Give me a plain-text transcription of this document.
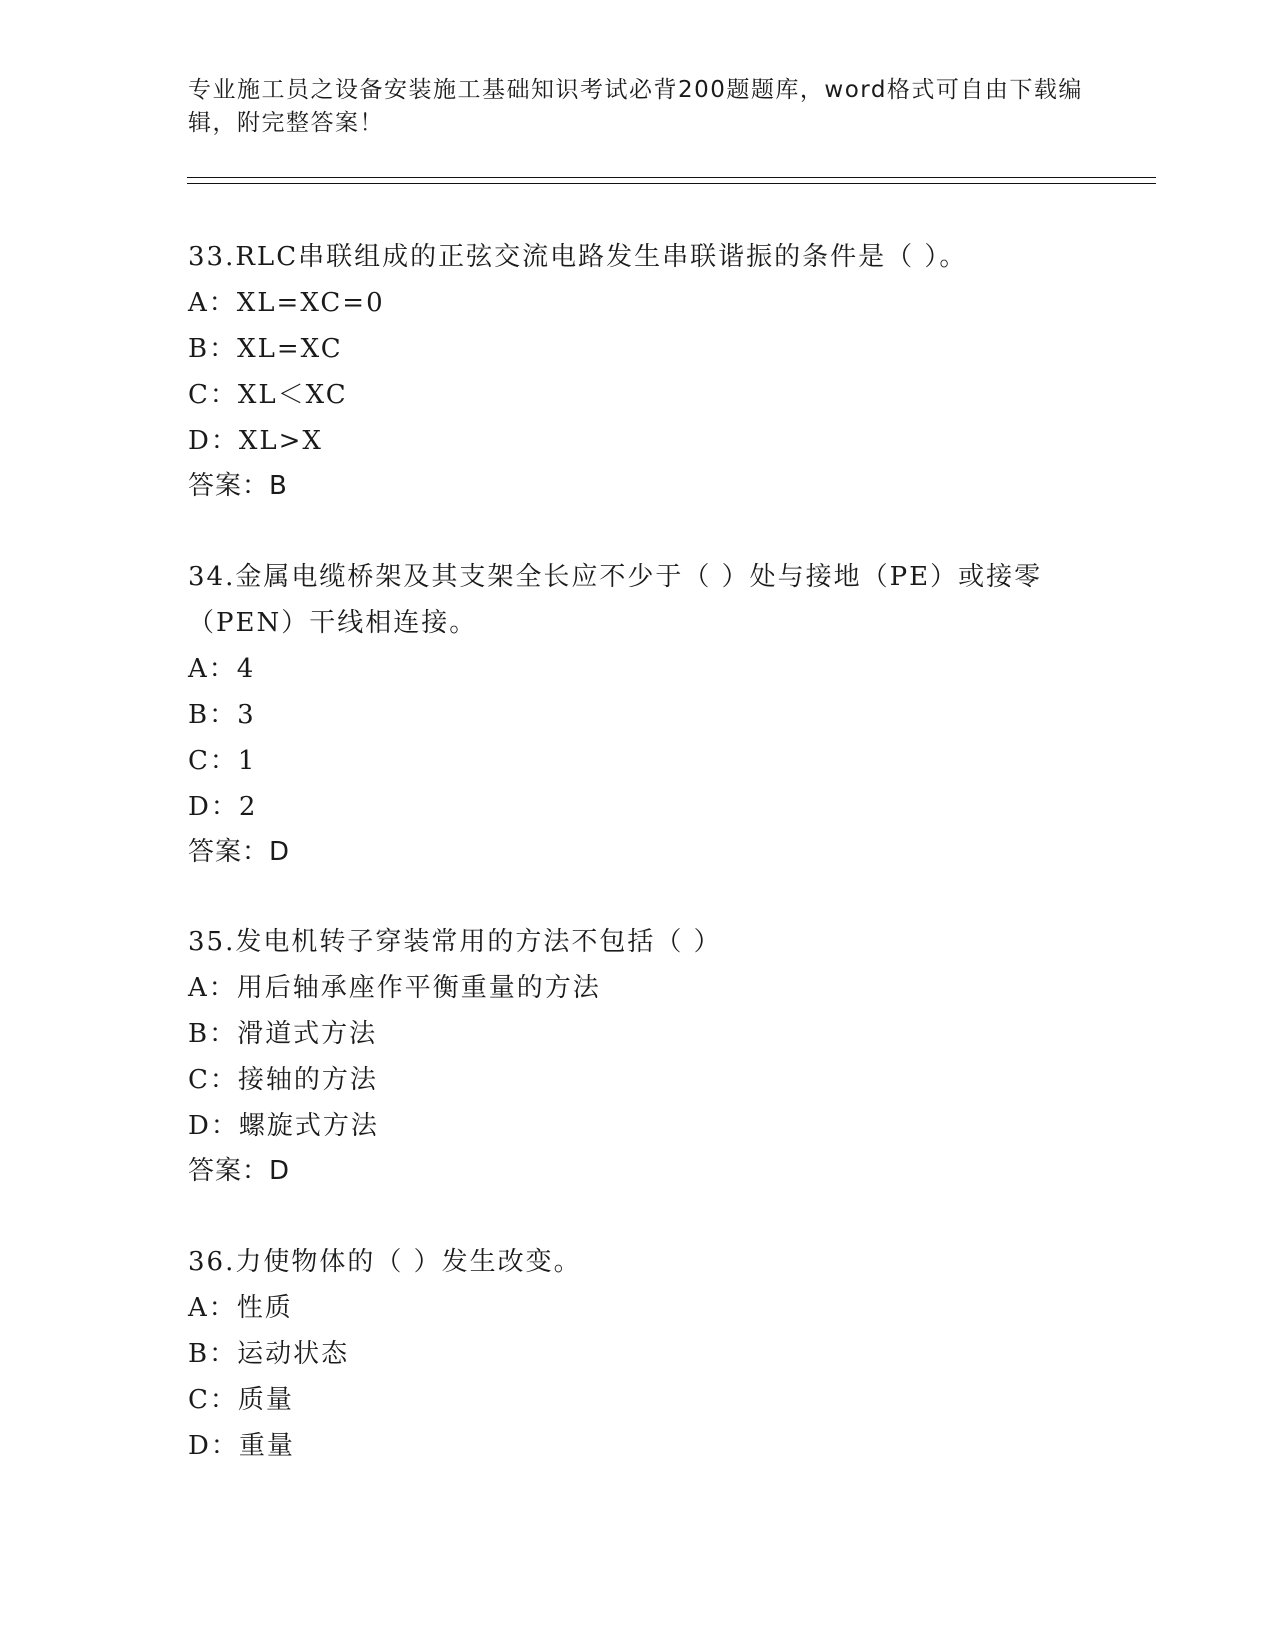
专业施工员之设备安装施工基础知识考试必背200题题库，word格式可自由下载编辑，附完整答案！

33.RLC串联组成的正弦交流电路发生串联谐振的条件是（ ）。
A：XL=XC=0
B：XL=XC
C：XL＜XC
D：XL>X
答案：B
34.金属电缆桥架及其支架全长应不少于（ ）处与接地（PE）或接零（PEN）干线相连接。
A：4
B：3
C：1
D：2
答案：D
35.发电机转子穿装常用的方法不包括（ ）
A：用后轴承座作平衡重量的方法
B：滑道式方法
C：接轴的方法
D：螺旋式方法
答案：D
36.力使物体的（ ）发生改变。
A：性质
B：运动状态
C：质量
D：重量
